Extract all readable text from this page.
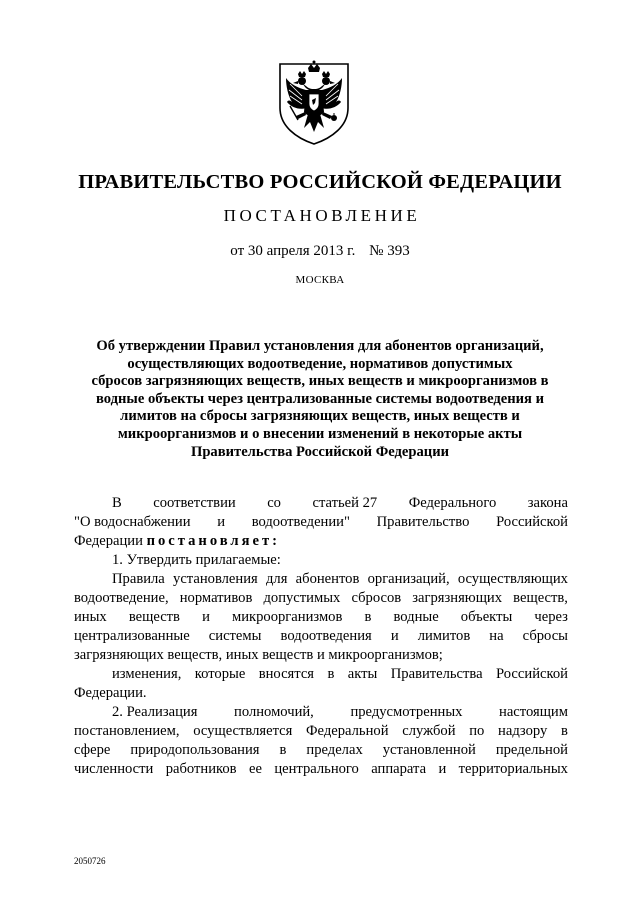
ПРАВИТЕЛЬСТВО РОССИЙСКОЙ ФЕДЕРАЦИИ
ПОСТАНОВЛЕНИЕ
от 30 апреля 2013 г. № 393
МОСКВА
Об утверждении Правил установления для абонентов организаций,
осуществляющих водоотведение, нормативов допустимых
сбросов загрязняющих веществ, иных веществ и микроорганизмов в
водные объекты через централизованные системы водоотведения и
лимитов на сбросы загрязняющих веществ, иных веществ и
микроорганизмов и о внесении изменений в некоторые акты
Правительства Российской Федерации
В соответствии со статьей 27 Федерального закона
"О водоснабжении и водоотведении" Правительство Российской
Федерации постановляет:
1. Утвердить прилагаемые:
Правила установления для абонентов организаций, осуществляющих
водоотведение, нормативов допустимых сбросов загрязняющих веществ,
иных веществ и микроорганизмов в водные объекты через
централизованные системы водоотведения и лимитов на сбросы
загрязняющих веществ, иных веществ и микроорганизмов;
изменения, которые вносятся в акты Правительства Российской
Федерации.
2. Реализация	полномочий,	предусмотренных	настоящим
постановлением, осуществляется Федеральной службой по надзору в
сфере природопользования в пределах установленной предельной
численности работников ее центрального аппарата и территориальных
2050726
